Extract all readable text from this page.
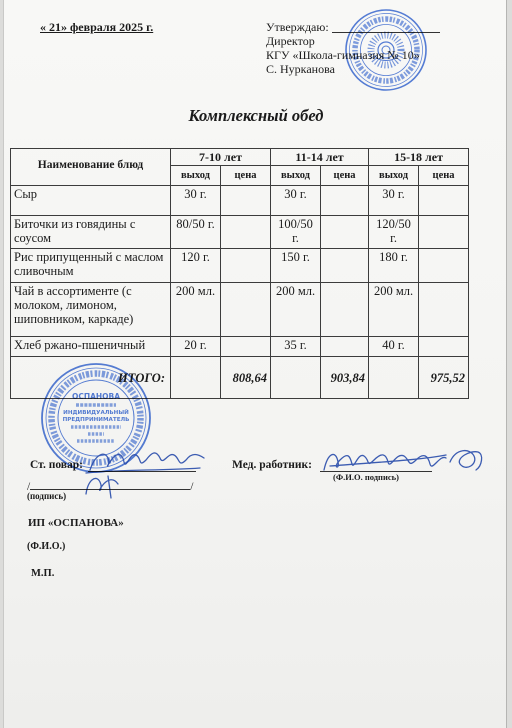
« 21» февраля 2025 г.	Утверждаю:
Директор
КГУ «Школа-гимназия № 10»
С. Нурканова
Комплексный обед
Наименование блюд	7-10 лет		11-14 лет		15-18 лет	
	выход	цена	выход	цена	выход	цена
Сыр	30 г.		30 г.		30 г.	
Биточки из говядины с соусом	80/50 г.		100/50 г.		120/50 г.	
Рис припущенный с маслом сливочным	120 г.		150 г.		180 г.	
Чай в ассортименте (с молоком, лимоном, шиповником, каркаде)	200 мл.		200 мл.		200 мл.	
Хлеб ржано-пшеничный	20 г.		35 г.		40 г.	
ИТОГО:		808,64		903,84		975,52
Ст. повар:	Мед. работник:
(Ф.И.О. подпись)
/	/
(подпись)
ИП «ОСПАНОВА»
(Ф.И.О.)
М.П.
ОСПАНОВА
ИНДИВИДУАЛЬНЫЙ
ПРЕДПРИНИМАТЕЛЬ
